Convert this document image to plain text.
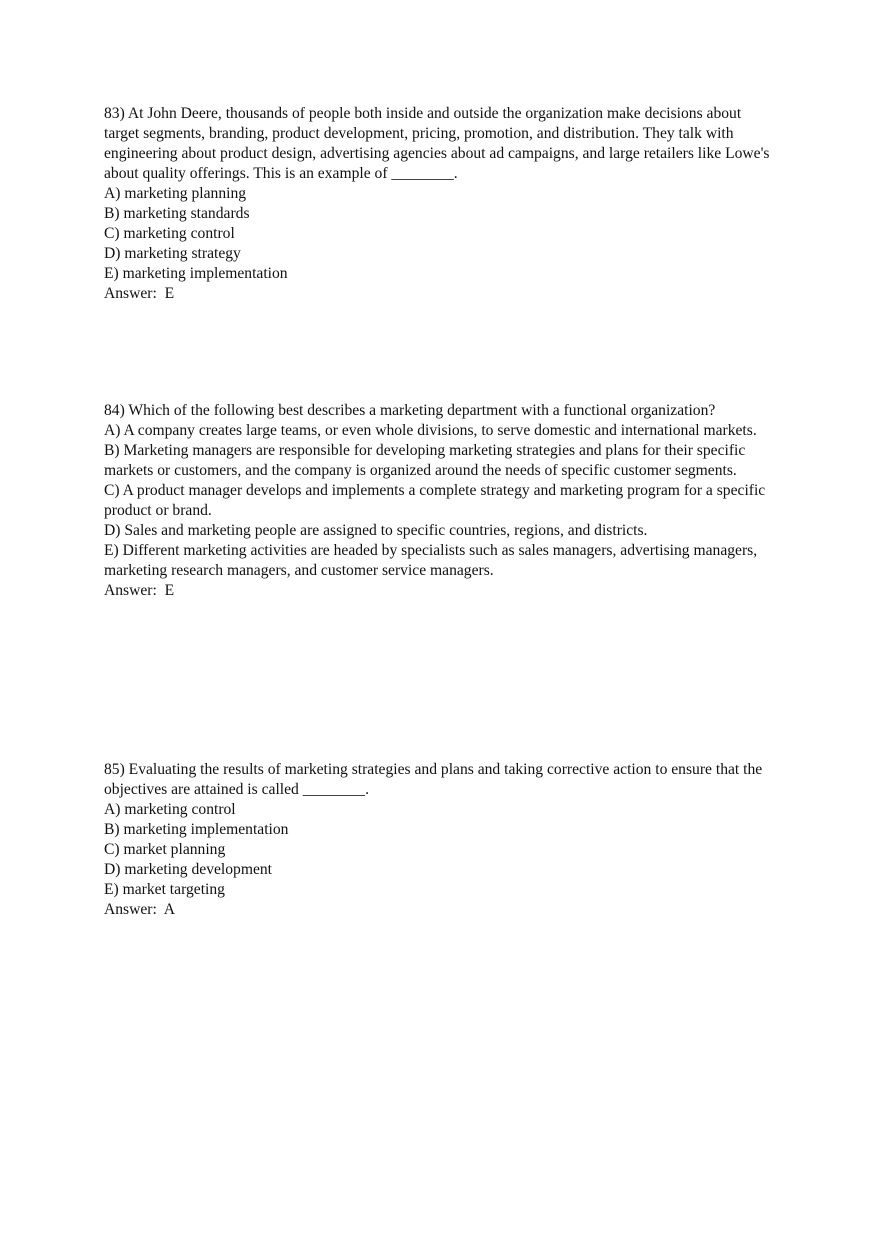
83) At John Deere, thousands of people both inside and outside the organization make decisions about target segments, branding, product development, pricing, promotion, and distribution. They talk with engineering about product design, advertising agencies about ad campaigns, and large retailers like Lowe's about quality offerings. This is an example of ________.

A) marketing planning

B) marketing standards

C) marketing control

D) marketing strategy

E) marketing implementation

Answer:  E

84) Which of the following best describes a marketing department with a functional organization?

A) A company creates large teams, or even whole divisions, to serve domestic and international markets.

B) Marketing managers are responsible for developing marketing strategies and plans for their specific markets or customers, and the company is organized around the needs of specific customer segments.

C) A product manager develops and implements a complete strategy and marketing program for a specific product or brand.

D) Sales and marketing people are assigned to specific countries, regions, and districts.

E) Different marketing activities are headed by specialists such as sales managers, advertising managers, marketing research managers, and customer service managers.

Answer:  E

85) Evaluating the results of marketing strategies and plans and taking corrective action to ensure that the objectives are attained is called ________.

A) marketing control

B) marketing implementation

C) market planning

D) marketing development

E) market targeting

Answer:  A
